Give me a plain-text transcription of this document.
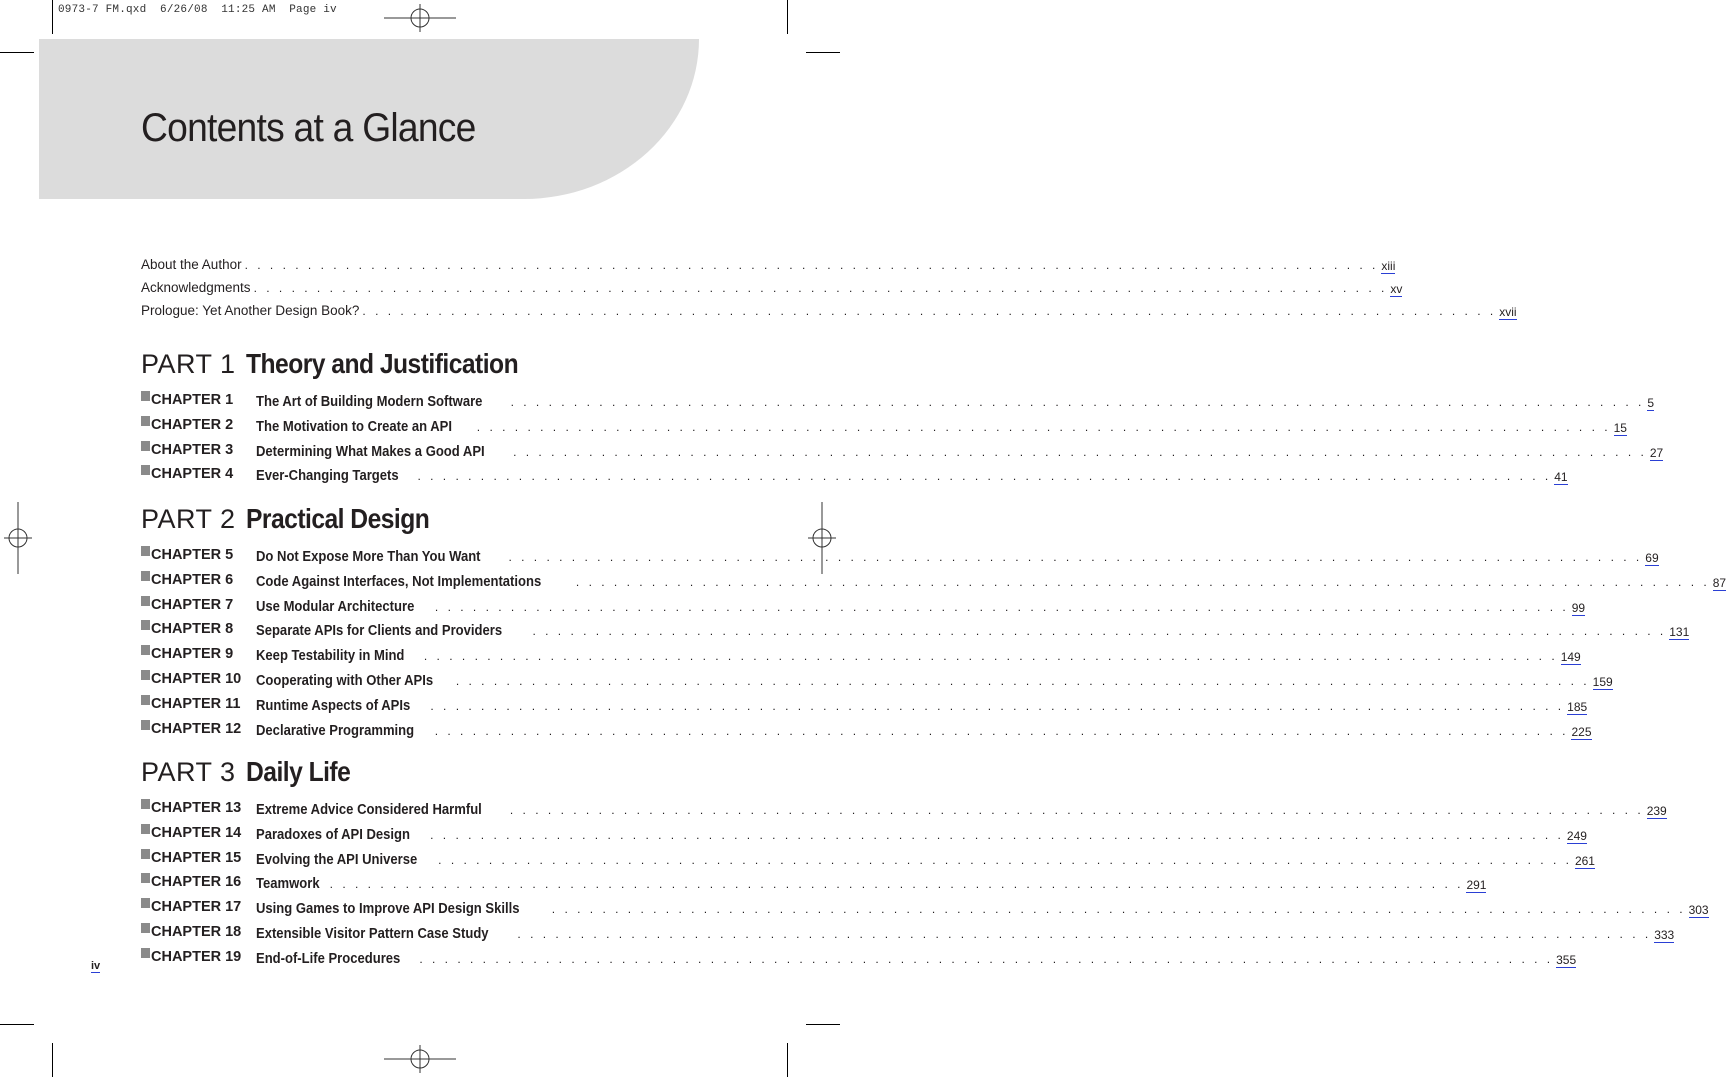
0973-7 FM.qxd  6/26/08  11:25 AM  Page iv
Contents at a Glance
About the Author . . . . . . . . . . . . . . . . . . . . . . . . . . . . . . . . . . . . . . . . . . . . . . . . . . . . . . . . . . . . . . . . . . . . . . . . . . . . . . . . . . . . . . . . . . xiii
Acknowledgments . . . . . . . . . . . . . . . . . . . . . . . . . . . . . . . . . . . . . . . . . . . . . . . . . . . . . . . . . . . . . . . . . . . . . . . . . . . . . . . . . . . . . . . . . . xv
Prologue: Yet Another Design Book? . . . . . . . . . . . . . . . . . . . . . . . . . . . . . . . . . . . . . . . . . . . . . . . . . . . . . . . . . . . . . . . . . . . . . . . . . . . . . . . . . . . . . . . . . . xvii
PART 1 Theory and Justification
CHAPTER 1 The Art of Building Modern Software . . . . . . . . . . . . . . . . . . . . . . . . . . . . . . . . . . . . . . . . . . . . . . . . . . . . . . . . . . . . . . . . . . . . . . . . . . . . . . . . . . . . . . . . . . 5
CHAPTER 2 The Motivation to Create an API . . . . . . . . . . . . . . . . . . . . . . . . . . . . . . . . . . . . . . . . . . . . . . . . . . . . . . . . . . . . . . . . . . . . . . . . . . . . . . . . . . . . . . . . . . 15
CHAPTER 3 Determining What Makes a Good API . . . . . . . . . . . . . . . . . . . . . . . . . . . . . . . . . . . . . . . . . . . . . . . . . . . . . . . . . . . . . . . . . . . . . . . . . . . . . . . . . . . . . . . . . . 27
CHAPTER 4 Ever-Changing Targets . . . . . . . . . . . . . . . . . . . . . . . . . . . . . . . . . . . . . . . . . . . . . . . . . . . . . . . . . . . . . . . . . . . . . . . . . . . . . . . . . . . . . . . . . . 41
PART 2 Practical Design
CHAPTER 5 Do Not Expose More Than You Want . . . . . . . . . . . . . . . . . . . . . . . . . . . . . . . . . . . . . . . . . . . . . . . . . . . . . . . . . . . . . . . . . . . . . . . . . . . . . . . . . . . . . . . . . . 69
CHAPTER 6 Code Against Interfaces, Not Implementations	. . . . . . . . . . . . . . . . . . . . . . . . . . . . . . . . . . . . . . . . . . . . . . . . . . . . . . . . . . . . . . . . . . . . . . . . . . . . . . . . . . . . . . . . . . 87
CHAPTER 7 Use Modular Architecture . . . . . . . . . . . . . . . . . . . . . . . . . . . . . . . . . . . . . . . . . . . . . . . . . . . . . . . . . . . . . . . . . . . . . . . . . . . . . . . . . . . . . . . . . . 99
CHAPTER 8 Separate APIs for Clients and Providers	. . . . . . . . . . . . . . . . . . . . . . . . . . . . . . . . . . . . . . . . . . . . . . . . . . . . . . . . . . . . . . . . . . . . . . . . . . . . . . . . . . . . . . . . . . 131
CHAPTER 9 Keep Testability in Mind . . . . . . . . . . . . . . . . . . . . . . . . . . . . . . . . . . . . . . . . . . . . . . . . . . . . . . . . . . . . . . . . . . . . . . . . . . . . . . . . . . . . . . . . . . 149
CHAPTER 10 Cooperating with Other APIs . . . . . . . . . . . . . . . . . . . . . . . . . . . . . . . . . . . . . . . . . . . . . . . . . . . . . . . . . . . . . . . . . . . . . . . . . . . . . . . . . . . . . . . . . . 159
CHAPTER 11 Runtime Aspects of APIs . . . . . . . . . . . . . . . . . . . . . . . . . . . . . . . . . . . . . . . . . . . . . . . . . . . . . . . . . . . . . . . . . . . . . . . . . . . . . . . . . . . . . . . . . . 185
CHAPTER 12 Declarative Programming . . . . . . . . . . . . . . . . . . . . . . . . . . . . . . . . . . . . . . . . . . . . . . . . . . . . . . . . . . . . . . . . . . . . . . . . . . . . . . . . . . . . . . . . . . 225
PART 3 Daily Life
CHAPTER 13 Extreme Advice Considered Harmful . . . . . . . . . . . . . . . . . . . . . . . . . . . . . . . . . . . . . . . . . . . . . . . . . . . . . . . . . . . . . . . . . . . . . . . . . . . . . . . . . . . . . . . . . . 239
CHAPTER 14 Paradoxes of API Design . . . . . . . . . . . . . . . . . . . . . . . . . . . . . . . . . . . . . . . . . . . . . . . . . . . . . . . . . . . . . . . . . . . . . . . . . . . . . . . . . . . . . . . . . . 249
CHAPTER 15 Evolving the API Universe . . . . . . . . . . . . . . . . . . . . . . . . . . . . . . . . . . . . . . . . . . . . . . . . . . . . . . . . . . . . . . . . . . . . . . . . . . . . . . . . . . . . . . . . . . 261
CHAPTER 16 Teamwork . . . . . . . . . . . . . . . . . . . . . . . . . . . . . . . . . . . . . . . . . . . . . . . . . . . . . . . . . . . . . . . . . . . . . . . . . . . . . . . . . . . . . . . . . . 291
CHAPTER 17 Using Games to Improve API Design Skills	. . . . . . . . . . . . . . . . . . . . . . . . . . . . . . . . . . . . . . . . . . . . . . . . . . . . . . . . . . . . . . . . . . . . . . . . . . . . . . . . . . . . . . . . . . 303
CHAPTER 18 Extensible Visitor Pattern Case Study . . . . . . . . . . . . . . . . . . . . . . . . . . . . . . . . . . . . . . . . . . . . . . . . . . . . . . . . . . . . . . . . . . . . . . . . . . . . . . . . . . . . . . . . . . 333
CHAPTER 19 End-of-Life Procedures . . . . . . . . . . . . . . . . . . . . . . . . . . . . . . . . . . . . . . . . . . . . . . . . . . . . . . . . . . . . . . . . . . . . . . . . . . . . . . . . . . . . . . . . . . 355
iv
